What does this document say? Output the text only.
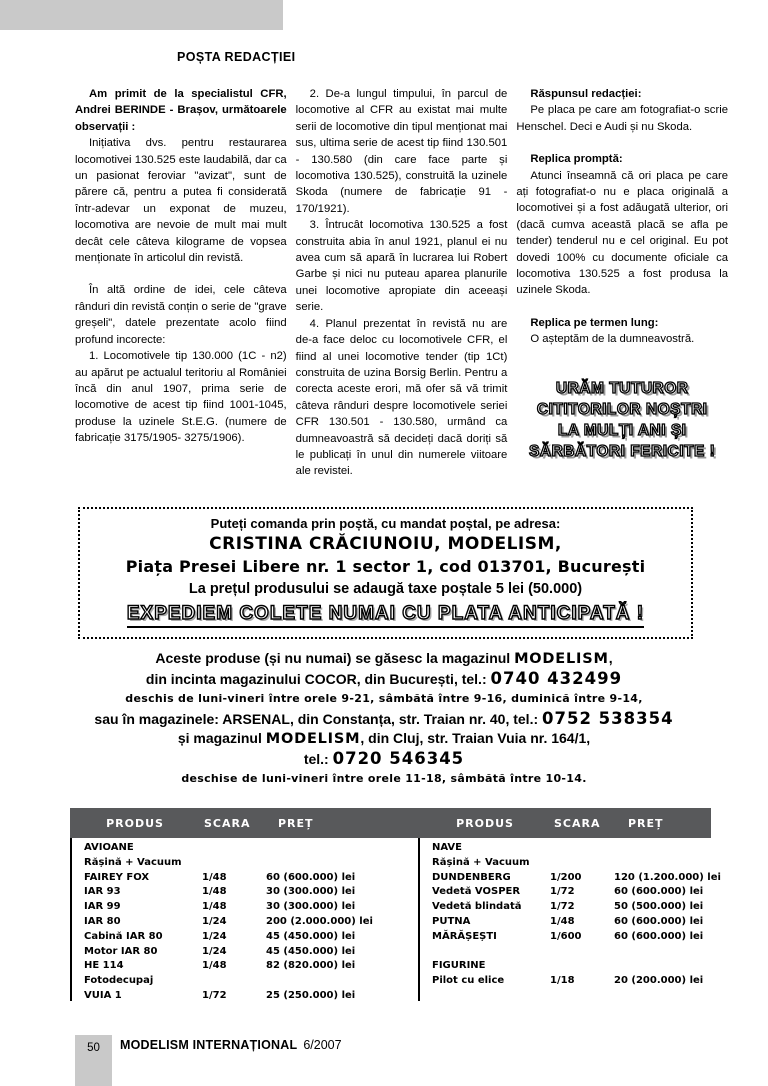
POȘTA REDACȚIEI

Am primit de la specialistul CFR, Andrei BERINDE - Brașov, următoarele observații :

Inițiativa dvs. pentru restaurarea locomotivei 130.525 este laudabilă, dar ca un pasionat feroviar "avizat", sunt de părere că, pentru a putea fi considerată într-adevar un exponat de muzeu, locomotiva are nevoie de mult mai mult decât cele câteva kilograme de vopsea menționate în articolul din revistă.

În altă ordine de idei, cele câteva rânduri din revistă conțin o serie de "grave greșeli", datele prezentate acolo fiind profund incorecte:

1. Locomotivele tip 130.000 (1C - n2) au apărut pe actualul teritoriu al României încă din anul 1907, prima serie de locomotive de acest tip fiind 1001-1045, produse la uzinele St.E.G. (numere de fabricație 3175/1905- 3275/1906).

2. De-a lungul timpului, în parcul de locomotive al CFR au existat mai multe serii de locomotive din tipul menționat mai sus, ultima serie de acest tip fiind 130.501 - 130.580 (din care face parte și locomotiva 130.525), construită la uzinele Skoda (numere de fabricație 91 - 170/1921).

3. Întrucât locomotiva 130.525 a fost construita abia în anul 1921, planul ei nu avea cum să apară în lucrarea lui Robert Garbe și nici nu puteau aparea planurile unei locomotive apropiate din aceeași serie.

4. Planul prezentat în revistă nu are de-a face deloc cu locomotivele CFR, el fiind al unei locomotive tender (tip 1Ct) construita de uzina Borsig Berlin. Pentru a corecta aceste erori, mă ofer să vă trimit câteva rânduri despre locomotivele seriei CFR 130.501 - 130.580, urmând ca dumneavoastră să decideți dacă doriți să le publicați în unul din numerele viitoare ale revistei.

Răspunsul redacției:

Pe placa pe care am fotografiat-o scrie Henschel. Deci e Audi și nu Skoda.

Replica promptă:

Atunci înseamnă că ori placa pe care ați fotografiat-o nu e placa originală a locomotivei și a fost adăugată ulterior, ori (dacă cumva această placă se afla pe tender) tenderul nu e cel original. Eu pot dovedi 100% cu documente oficiale ca locomotiva 130.525 a fost produsa la uzinele Skoda.

Replica pe termen lung:

O așteptăm de la dumneavostră.

URĂM TUTUROR
CITITORILOR NOȘTRI
LA MULȚI ANI ȘI
SĂRBĂTORI FERICITE !

Puteți comanda prin poștă, cu mandat poștal, pe adresa:

CRISTINA CRĂCIUNOIU, MODELISM,

Piața Presei Libere nr. 1 sector 1, cod 013701, București

La prețul produsului se adaugă taxe poștale 5 lei (50.000)

EXPEDIEM COLETE NUMAI CU PLATA ANTICIPATĂ !

Aceste produse (și nu numai) se găsesc la magazinul MODELISM,
din incinta magazinului COCOR, din București, tel.: 0740 432499
deschis de luni-vineri între orele 9-21, sâmbătă între 9-16, duminică între 9-14,
sau în magazinele: ARSENAL, din Constanța, str. Traian nr. 40, tel.: 0752 538354
și magazinul MODELISM, din Cluj, str. Traian Vuia nr. 164/1,
tel.: 0720 546345
deschise de luni-vineri între orele 11-18, sâmbătă între 10-14.
PRODUS	SCARA	PREȚ	PRODUS	SCARA	PREȚ
AVIOANE
Rășină + Vacuum
FAIREY FOX	1/48	60 (600.000) lei
IAR 93	1/48	30 (300.000) lei
IAR 99	1/48	30 (300.000) lei
IAR 80	1/24	200 (2.000.000) lei
Cabină IAR 80	1/24	45 (450.000) lei
Motor IAR 80	1/24	45 (450.000) lei
HE 114	1/48	82 (820.000) lei
Fotodecupaj
VUIA 1	1/72	25 (250.000) lei
NAVE
Rășină + Vacuum
DUNDENBERG	1/200	120 (1.200.000) lei
Vedetă VOSPER	1/72	60 (600.000) lei
Vedetă blindată	1/72	50 (500.000) lei
PUTNA	1/48	60 (600.000) lei
MĂRĂȘEȘTI	1/600	60 (600.000) lei
FIGURINE
Pilot cu elice	1/18	20 (200.000) lei
50	MODELISM INTERNAȚIONAL 6/2007
